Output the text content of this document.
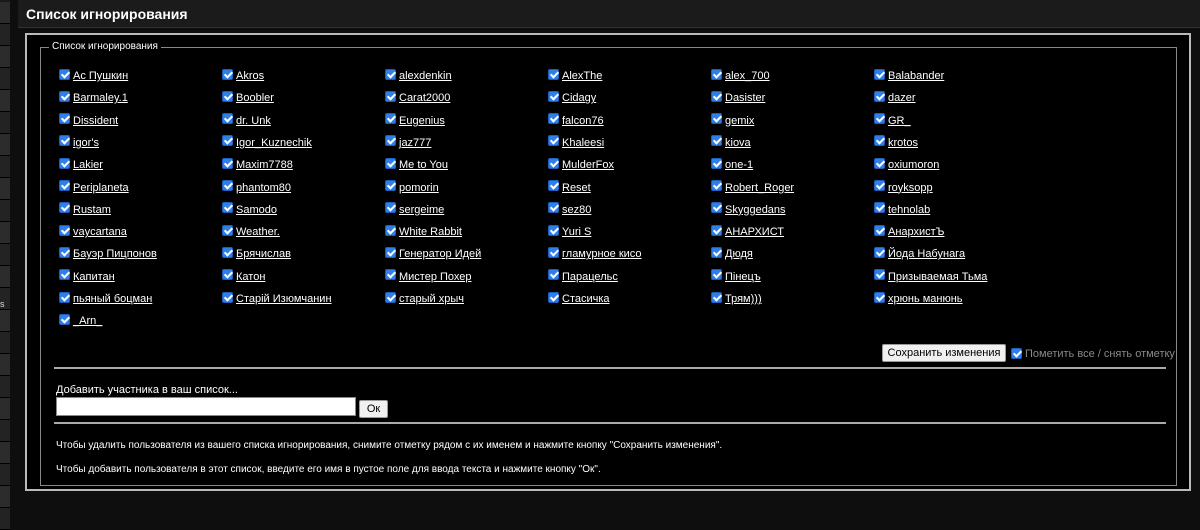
s
Список игнорирования
Список игнорирования
Ас Пушкин
Barmaley.1
Dissident
igor's
Lakier
Periplaneta
Rustam
vaycartana
Бауэр Пицпонов
Капитан
пьяный боцман
_Arn_
Akros
Boobler
dr. Unk
Igor_Kuznechik
Maxim7788
phantom80
Samodo
Weather.
Брячислав
Катон
Старій Изюмчанин
alexdenkin
Carat2000
Eugenius
jaz777
Me to You
pomorin
sergeime
White Rabbit
Генератор Идей
Мистер Похер
старый хрыч
AlexThe
Cidagy
falcon76
Khaleesi
MulderFox
Reset
sez80
Yuri S
гламурное кисо
Парацельс
Стасичка
alex_700
Dasister
gemix
kiova
one-1
Robert_Roger
Skyggedans
АНАРХИСТ
Дюдя
Пiнецъ
Трям)))
Balabander
dazer
GR_
krotos
oxiumoron
royksopp
tehnolab
АнархистЪ
Йода Набунага
Призываемая Тьма
хрюнь манюнь
Сохранить изменения	Пометить все / снять отметку
Добавить участника в ваш список...
Ок
Чтобы удалить пользователя из вашего списка игнорирования, снимите отметку рядом с их именем и нажмите кнопку "Сохранить изменения".
Чтобы добавить пользователя в этот список, введите его имя в пустое поле для ввода текста и нажмите кнопку "Ок".
